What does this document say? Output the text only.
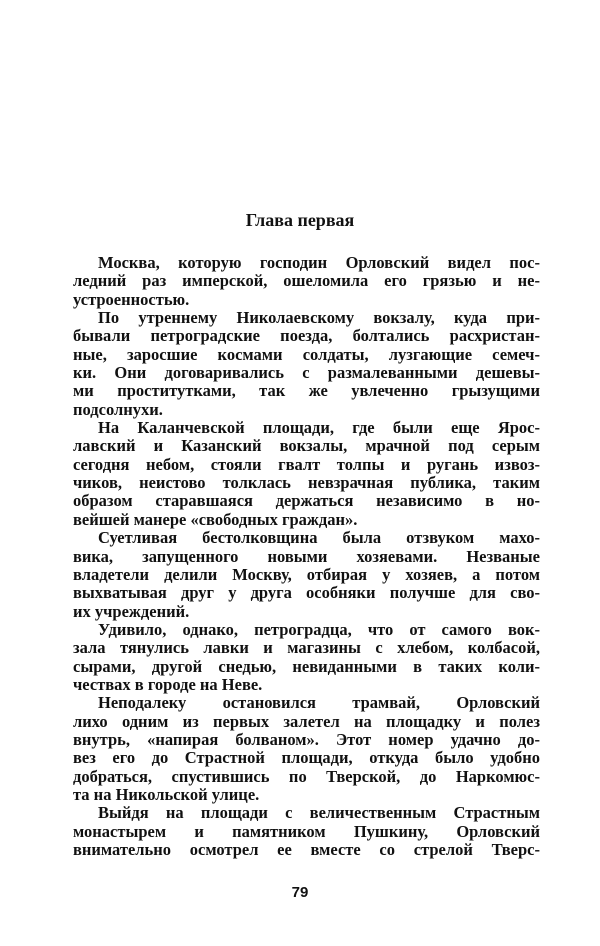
Глава первая
Москва, которую господин Орловский видел пос-
ледний раз имперской, ошеломила его грязью и не-
устроенностью.
По утреннему Николаевскому вокзалу, куда при-
бывали петроградские поезда, болтались расхристан-
ные, заросшие космами солдаты, лузгающие семеч-
ки. Они договаривались с размалеванными дешевы-
ми проститутками, так же увлеченно грызущими
подсолнухи.
На Каланчевской площади, где были еще Ярос-
лавский и Казанский вокзалы, мрачной под серым
сегодня небом, стояли гвалт толпы и ругань извоз-
чиков, неистово толклась невзрачная публика, таким
образом старавшаяся держаться независимо в но-
вейшей манере «свободных граждан».
Суетливая бестолковщина была отзвуком махо-
вика, запущенного новыми хозяевами. Незваные
владетели делили Москву, отбирая у хозяев, а потом
выхватывая друг у друга особняки получше для сво-
их учреждений.
Удивило, однако, петроградца, что от самого вок-
зала тянулись лавки и магазины с хлебом, колбасой,
сырами, другой снедью, невиданными в таких коли-
чествах в городе на Неве.
Неподалеку остановился трамвай, Орловский
лихо одним из первых залетел на площадку и полез
внутрь, «напирая болваном». Этот номер удачно до-
вез его до Страстной площади, откуда было удобно
добраться, спустившись по Тверской, до Наркомюс-
та на Никольской улице.
Выйдя на площади с величественным Страстным
монастырем и памятником Пушкину, Орловский
внимательно осмотрел ее вместе со стрелой Тверс-
79
